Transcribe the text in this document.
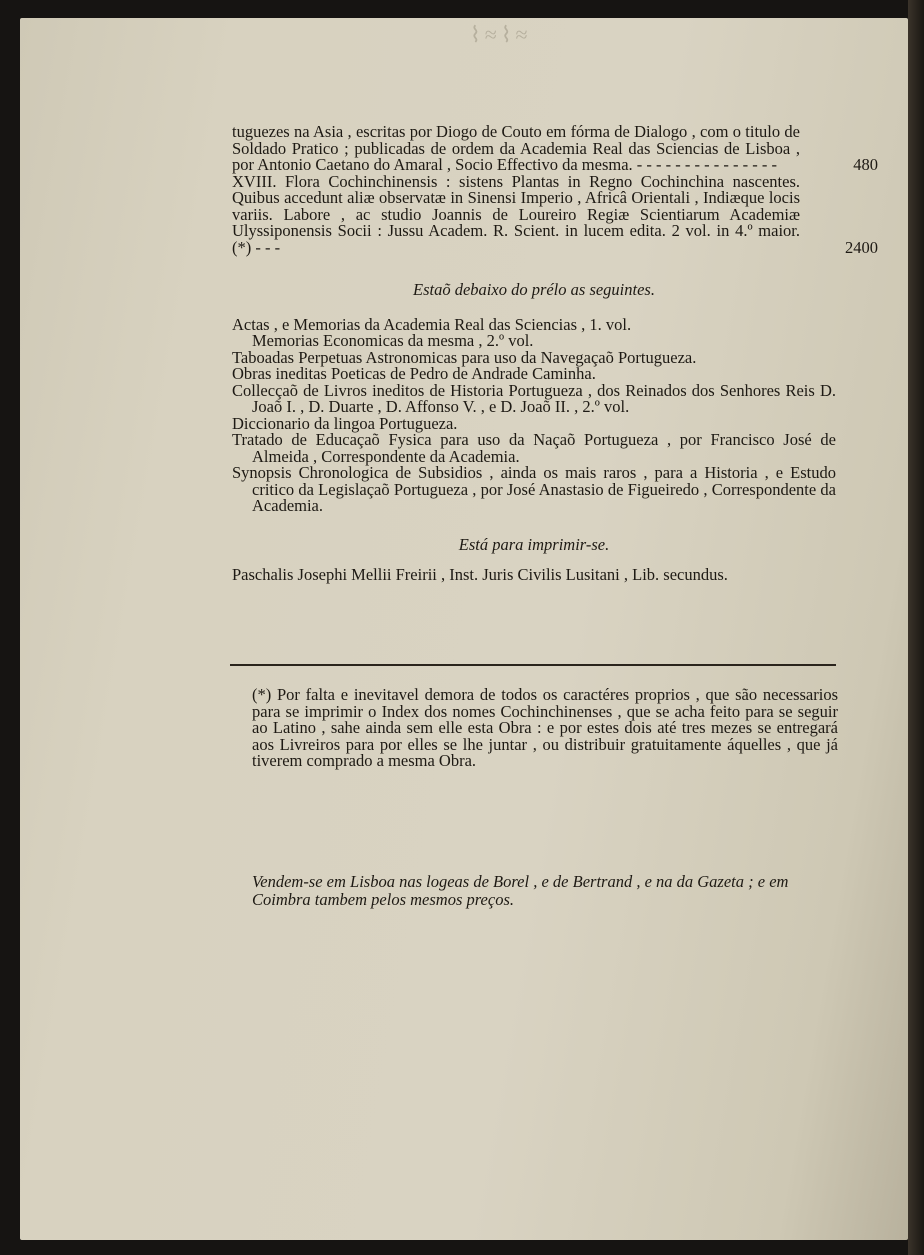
⌇≈⌇≈
tuguezes na Asia , escritas por Diogo de Couto em fórma de Dialogo , com o titulo de Soldado Pratico ; publicadas de ordem da Academia Real das Sciencias de Lisboa , por Antonio Caetano do Amaral , Socio Effectivo da mesma. - - - - - - - - - - - - - - -	480
XVIII. Flora Cochinchinensis : sistens Plantas in Regno Cochinchina nascentes. Quibus accedunt aliæ observatæ in Sinensi Imperio , Africâ Orientali , Indiæque locis variis. Labore , ac studio Joannis de Loureiro Regiæ Scientiarum Academiæ Ulyssiponensis Socii : Jussu Academ. R. Scient. in lucem edita. 2 vol. in 4.º maior. (*) - - -	2400
Estaõ debaixo do prélo as seguintes.

Actas , e Memorias da Academia Real das Sciencias , 1. vol.

Memorias Economicas da mesma , 2.º vol.

Taboadas Perpetuas Astronomicas para uso da Navegaçaõ Portugueza.

Obras ineditas Poeticas de Pedro de Andrade Caminha.

Collecçaõ de Livros ineditos de Historia Portugueza , dos Reinados dos Senhores Reis D. Joaõ I. , D. Duarte , D. Affonso V. , e D. Joaõ II. , 2.º vol.

Diccionario da lingoa Portugueza.

Tratado de Educaçaõ Fysica para uso da Naçaõ Portugueza , por Francisco José de Almeida , Correspondente da Academia.

Synopsis Chronologica de Subsidios , ainda os mais raros , para a Historia , e Estudo critico da Legislaçaõ Portugueza , por José Anastasio de Figueiredo , Correspondente da Academia.

Está para imprimir-se.

Paschalis Josephi Mellii Freirii , Inst. Juris Civilis Lusitani , Lib. secundus.

(*) Por falta e inevitavel demora de todos os caractéres proprios , que são necessarios para se imprimir o Index dos nomes Cochinchinenses , que se acha feito para se seguir ao Latino , sahe ainda sem elle esta Obra : e por estes dois até tres mezes se entregará aos Livreiros para por elles se lhe juntar , ou distribuir gratuitamente áquelles , que já tiverem comprado a mesma Obra.

Vendem-se em Lisboa nas logeas de Borel , e de Bertrand , e na da Gazeta ; e em Coimbra tambem pelos mesmos preços.
